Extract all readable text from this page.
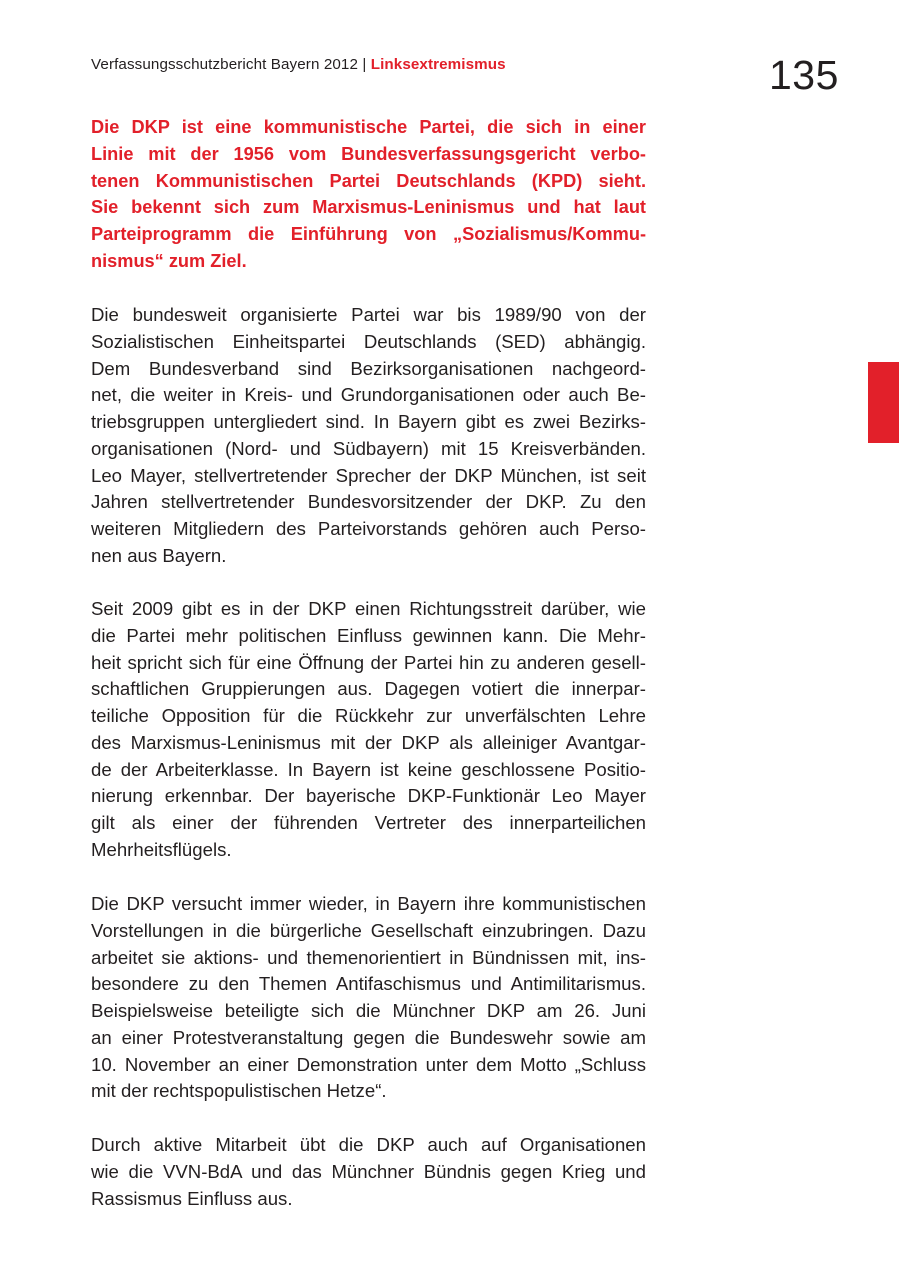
Verfassungsschutzbericht Bayern 2012 | Linksextremismus	135
Die DKP ist eine kommunistische Partei, die sich in einer
Linie mit der 1956 vom Bundesverfassungsgericht verbo-
tenen Kommunistischen Partei Deutschlands (KPD) sieht.
Sie bekennt sich zum Marxismus-Leninismus und hat laut
Parteiprogramm die Einführung von „Sozialismus/Kommu-
nismus“ zum Ziel.
Die bundesweit organisierte Partei war bis 1989/90 von der
Sozialistischen Einheitspartei Deutschlands (SED) abhängig.
Dem Bundesverband sind Bezirksorganisationen nachgeord-
net, die weiter in Kreis- und Grundorganisationen oder auch Be-
triebsgruppen untergliedert sind. In Bayern gibt es zwei Bezirks-
organisationen (Nord- und Südbayern) mit 15 Kreisverbänden.
Leo Mayer, stellvertretender Sprecher der DKP München, ist seit
Jahren stellvertretender Bundesvorsitzender der DKP. Zu den
weiteren Mitgliedern des Parteivorstands gehören auch Perso-
nen aus Bayern.
Seit 2009 gibt es in der DKP einen Richtungsstreit darüber, wie
die Partei mehr politischen Einfluss gewinnen kann. Die Mehr-
heit spricht sich für eine Öffnung der Partei hin zu anderen gesell-
schaftlichen Gruppierungen aus. Dagegen votiert die innerpar-
teiliche Opposition für die Rückkehr zur unverfälschten Lehre
des Marxismus-Leninismus mit der DKP als alleiniger Avantgar-
de der Arbeiterklasse. In Bayern ist keine geschlossene Positio-
nierung erkennbar. Der bayerische DKP-Funktionär Leo Mayer
gilt als einer der führenden Vertreter des innerparteilichen
Mehrheitsflügels.
Die DKP versucht immer wieder, in Bayern ihre kommunistischen
Vorstellungen in die bürgerliche Gesellschaft einzubringen. Dazu
arbeitet sie aktions- und themenorientiert in Bündnissen mit, ins-
besondere zu den Themen Antifaschismus und Antimilitarismus.
Beispielsweise beteiligte sich die Münchner DKP am 26. Juni
an einer Protestveranstaltung gegen die Bundeswehr sowie am
10. November an einer Demonstration unter dem Motto „Schluss
mit der rechtspopulistischen Hetze“.
Durch aktive Mitarbeit übt die DKP auch auf Organisationen
wie die VVN-BdA und das Münchner Bündnis gegen Krieg und
Rassismus Einfluss aus.
